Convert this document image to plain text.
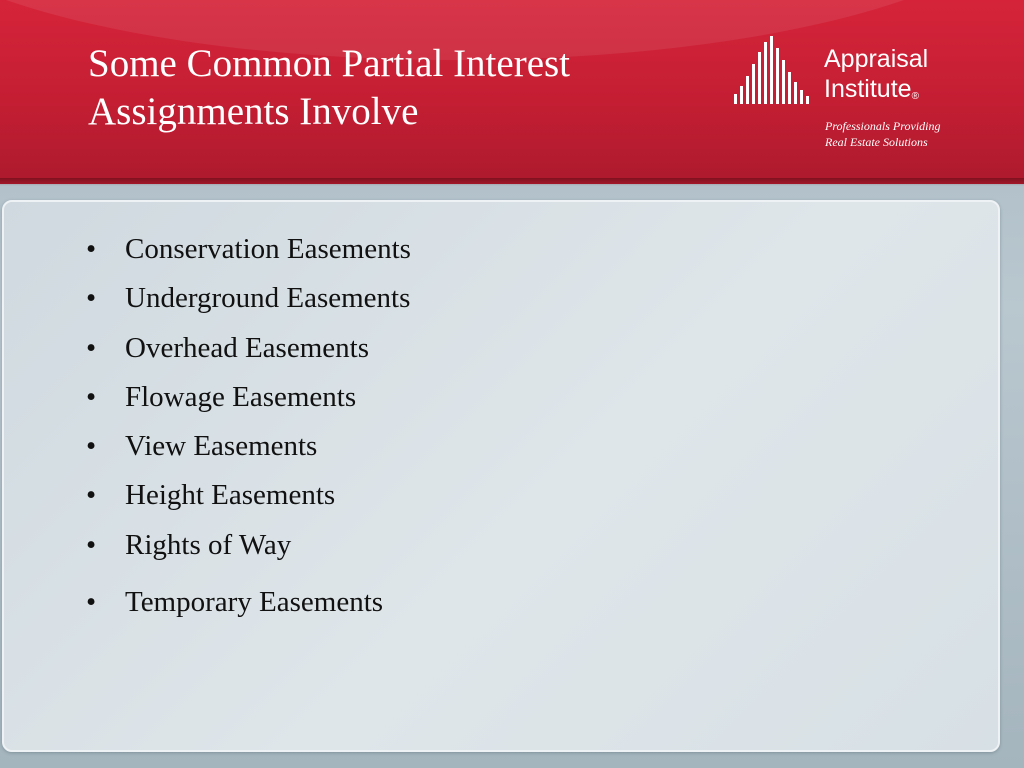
Some Common Partial Interest
Assignments Involve

Appraisal
Institute®

Professionals Providing
Real Estate Solutions

• Conservation Easements
• Underground Easements
• Overhead Easements
• Flowage Easements
• View Easements
• Height Easements
• Rights of Way
• Temporary Easements
